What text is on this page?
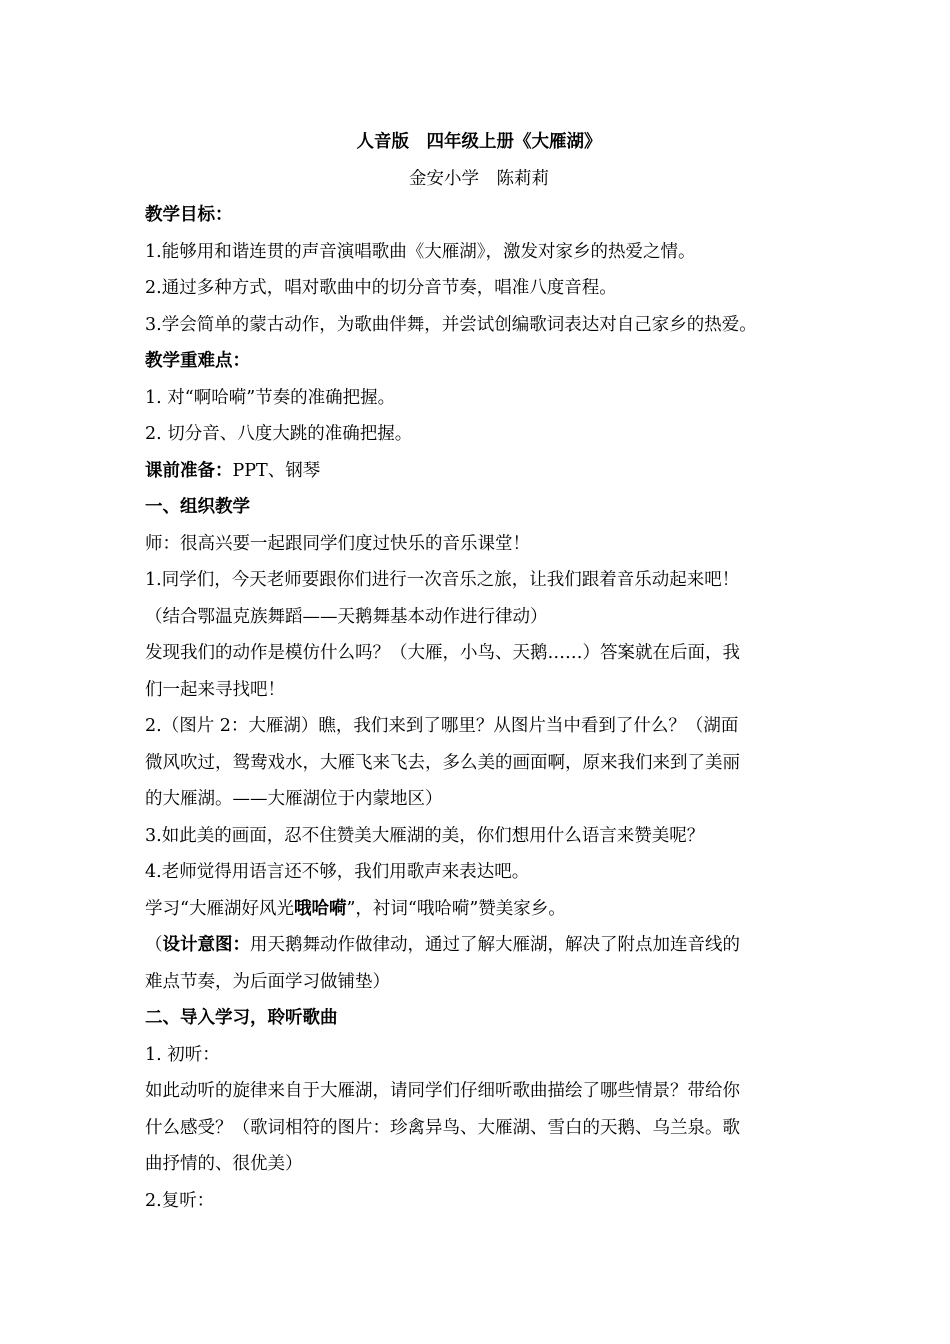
人音版　四年级上册《大雁湖》
金安小学　陈莉莉
教学目标：
1.能够用和谐连贯的声音演唱歌曲《大雁湖》，激发对家乡的热爱之情。
2.通过多种方式，唱对歌曲中的切分音节奏，唱准八度音程。
3.学会简单的蒙古动作，为歌曲伴舞，并尝试创编歌词表达对自己家乡的热爱。
教学重难点：
1. 对“啊哈嗬”节奏的准确把握。
2. 切分音、八度大跳的准确把握。
课前准备：PPT、钢琴
一、组织教学
师：很高兴要一起跟同学们度过快乐的音乐课堂！
1.同学们，今天老师要跟你们进行一次音乐之旅，让我们跟着音乐动起来吧！
（结合鄂温克族舞蹈——天鹅舞基本动作进行律动）
发现我们的动作是模仿什么吗？（大雁，小鸟、天鹅……）答案就在后面，我
们一起来寻找吧！
2.（图片 2：大雁湖）瞧，我们来到了哪里？从图片当中看到了什么？（湖面
微风吹过，鸳鸯戏水，大雁飞来飞去，多么美的画面啊，原来我们来到了美丽
的大雁湖。——大雁湖位于内蒙地区）
3.如此美的画面，忍不住赞美大雁湖的美，你们想用什么语言来赞美呢？
4.老师觉得用语言还不够，我们用歌声来表达吧。
学习“大雁湖好风光哦哈嗬”，衬词“哦哈嗬”赞美家乡。
（设计意图：用天鹅舞动作做律动，通过了解大雁湖，解决了附点加连音线的
难点节奏，为后面学习做铺垫）
二、导入学习，聆听歌曲
1. 初听：
如此动听的旋律来自于大雁湖，请同学们仔细听歌曲描绘了哪些情景？带给你
什么感受？（歌词相符的图片：珍禽异鸟、大雁湖、雪白的天鹅、乌兰泉。歌
曲抒情的、很优美）
2.复听：
